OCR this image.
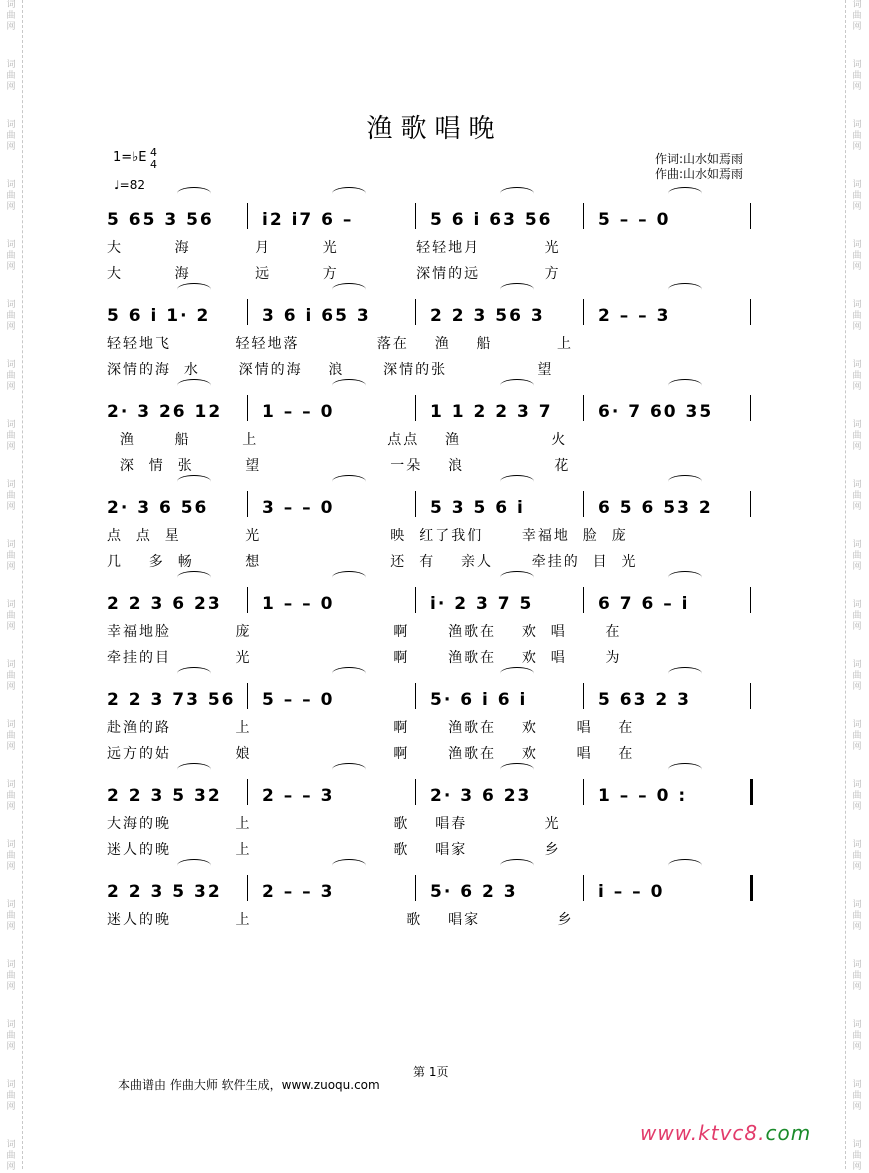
词
曲
网
词
曲
网
词
曲
网
词
曲
网
词
曲
网
词
曲
网
词
曲
网
词
曲
网
词
曲
网
词
曲
网
词
曲
网
词
曲
网
词
曲
网
词
曲
网
词
曲
网
词
曲
网
词
曲
网
词
曲
网
词
曲
网
词
曲
网
词
曲
网
词
曲
网
词
曲
网
词
曲
网
词
曲
网
词
曲
网
词
曲
网
词
曲
网
词
曲
网
词
曲
网
词
曲
网
词
曲
网
词
曲
网
词
曲
网
词
曲
网
词
曲
网
词
曲
网
词
曲
网
词
曲
网
词
曲
网
渔歌唱晚
作词:山水如焉雨
作曲:山水如焉雨
1=♭E 4
4
♩=82
5 65 3 56	i2 i7 6 –	5 6 i 63 56	5 – – 0
大        海          月        光            轻轻地月          光
大        海          远        方            深情的远          方
5 6 i 1· 2	3 6 i 65 3	2 2 3 56 3	2 – – 3
轻轻地飞          轻轻地落            落在    渔    船          上
深情的海  水      深情的海    浪      深情的张              望
2· 3 26 12	1 – – 0	1 1 2 2 3 7	6· 7 60 35
渔      船        上                    点点    渔              火
深  情  张        望                    一朵    浪              花
2· 3 6 56	3 – – 0	5 3 5 6 i	6 5 6 53 2
点  点  星          光                    映  红了我们      幸福地  脸  庞
几    多  畅        想                    还  有    亲人      牵挂的  目  光
2 2 3 6 23	1 – – 0	i· 2 3 7 5	6 7 6 – i
幸福地脸          庞                      啊      渔歌在    欢  唱      在
牵挂的目          光                      啊      渔歌在    欢  唱      为
2 2 3 73 56	5 – – 0	5· 6 i 6 i	5 63 2 3
赴渔的路          上                      啊      渔歌在    欢      唱    在
远方的姑          娘                      啊      渔歌在    欢      唱    在
2 2 3 5 32	2 – – 3	2· 3 6 23	1 – – 0 :
大海的晚          上                      歌    唱春            光
迷人的晚          上                      歌    唱家            乡
2 2 3 5 32	2 – – 3	5· 6 2 3	i – – 0
迷人的晚          上                        歌    唱家            乡
第 1页
本曲谱由 作曲大师 软件生成，www.zuoqu.com
www.ktvc8.com
